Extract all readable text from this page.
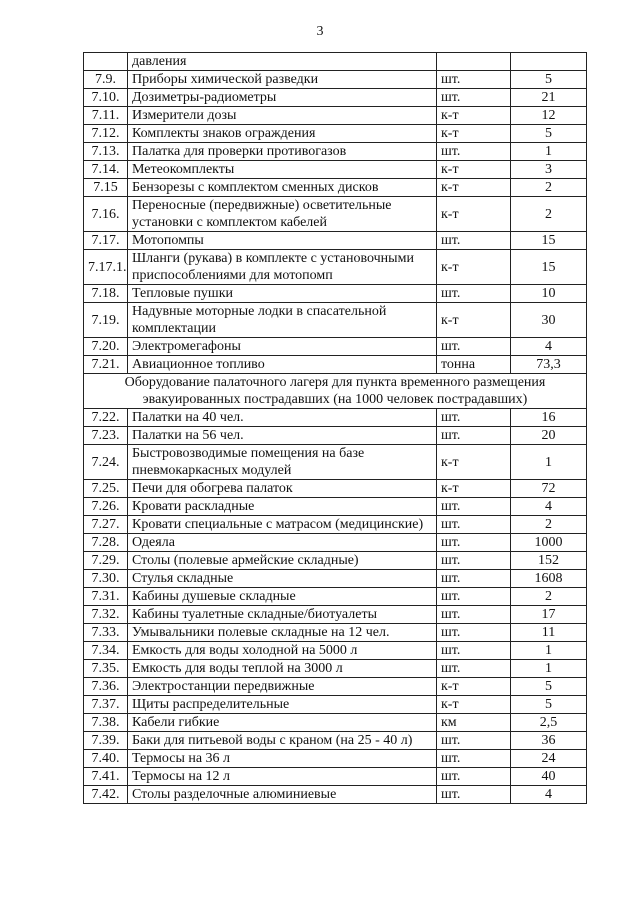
3
	давления		
7.9.	Приборы химической разведки	шт.	5
7.10.	Дозиметры-радиометры	шт.	21
7.11.	Измерители дозы	к-т	12
7.12.	Комплекты знаков ограждения	к-т	5
7.13.	Палатка для проверки противогазов	шт.	1
7.14.	Метеокомплекты	к-т	3
7.15	Бензорезы с комплектом сменных дисков	к-т	2
7.16.	Переносные (передвижные) осветительные установки с комплектом кабелей	к-т	2
7.17.	Мотопомпы	шт.	15
7.17.1.	Шланги (рукава) в комплекте с установочными приспособлениями для мотопомп	к-т	15
7.18.	Тепловые пушки	шт.	10
7.19.	Надувные моторные лодки в спасательной комплектации	к-т	30
7.20.	Электромегафоны	шт.	4
7.21.	Авиационное топливо	тонна	73,3
Оборудование палаточного лагеря для пункта временного размещения эвакуированных пострадавших (на 1000 человек пострадавших)			
7.22.	Палатки на 40 чел.	шт.	16
7.23.	Палатки на 56 чел.	шт.	20
7.24.	Быстровозводимые помещения на базе пневмокаркасных модулей	к-т	1
7.25.	Печи для обогрева палаток	к-т	72
7.26.	Кровати раскладные	шт.	4
7.27.	Кровати специальные с матрасом (медицинские)	шт.	2
7.28.	Одеяла	шт.	1000
7.29.	Столы (полевые армейские складные)	шт.	152
7.30.	Стулья складные	шт.	1608
7.31.	Кабины душевые складные	шт.	2
7.32.	Кабины туалетные складные/биотуалеты	шт.	17
7.33.	Умывальники полевые складные на 12 чел.	шт.	11
7.34.	Емкость для воды холодной на 5000 л	шт.	1
7.35.	Емкость для воды теплой на 3000 л	шт.	1
7.36.	Электростанции передвижные	к-т	5
7.37.	Щиты распределительные	к-т	5
7.38.	Кабели гибкие	км	2,5
7.39.	Баки для питьевой воды с краном (на 25 - 40 л)	шт.	36
7.40.	Термосы на 36 л	шт.	24
7.41.	Термосы на 12 л	шт.	40
7.42.	Столы разделочные алюминиевые	шт.	4
